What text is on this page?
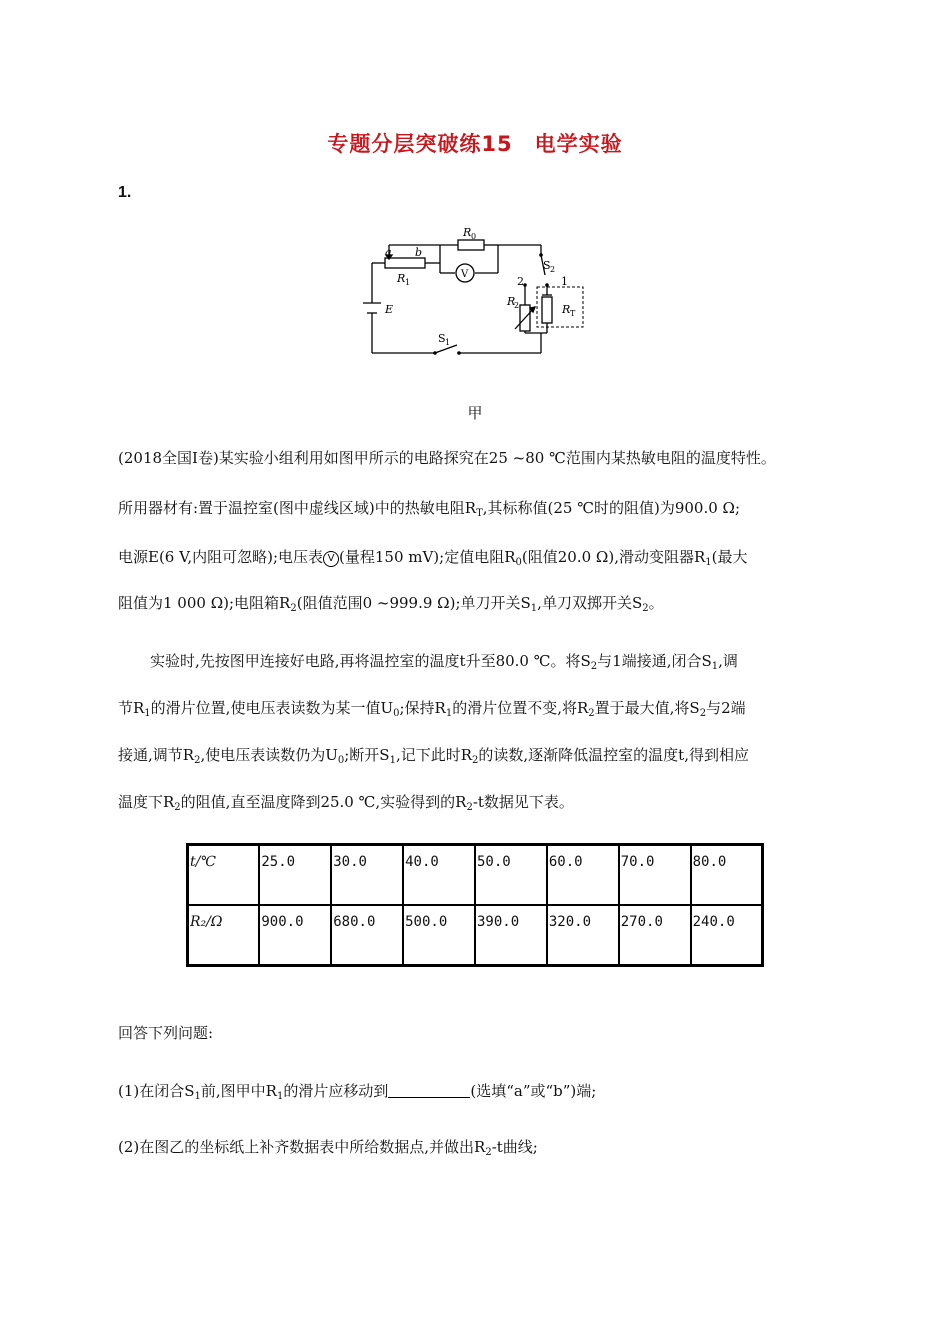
专题分层突破练15　电学实验
1.
a b
R 1
R 0
V
S 2
2	1
R
2	R T
E
S 1
甲
(2018全国Ⅰ卷)某实验小组利用如图甲所示的电路探究在25 ~80 ℃范围内某热敏电阻的温度特性。
所用器材有:置于温控室(图中虚线区域)中的热敏电阻$R_T$,其标称值(25 ℃时的阻值)为900.0 Ω;
电源E(6 V,内阻可忽略);电压表 V (量程150 mV);定值电阻$R_0$(阻值20.0 Ω),滑动变阻器$R_1$(最大
阻值为1 000 Ω);电阻箱$R_2$(阻值范围0 ~999.9 Ω);单刀开关$S_1$,单刀双掷开关$S_2$。
实验时,先按图甲连接好电路,再将温控室的温度t升至80.0 ℃。将$S_2$与1端接通,闭合$S_1$,调
节$R_1$的滑片位置,使电压表读数为某一值$U_0$;保持$R_1$的滑片位置不变,将$R_2$置于最大值,将$S_2$与2端
接通,调节$R_2$,使电压表读数仍为$U_0$;断开$S_1$,记下此时$R_2$的读数,逐渐降低温控室的温度t,得到相应
温度下$R_2$的阻值,直至温度降到25.0 ℃,实验得到的$R_2-t$数据见下表。
t/℃	25.0	30.0	40.0	50.0	60.0	70.0	80.0
R₂/Ω	900.0	680.0	500.0	390.0	320.0	270.0	240.0
回答下列问题:
(1)在闭合$S_1$前,图甲中$R_1$的滑片应移动到	(选填“a”或“b”)端;
(2)在图乙的坐标纸上补齐数据表中所给数据点,并做出$R_2-t$曲线;
